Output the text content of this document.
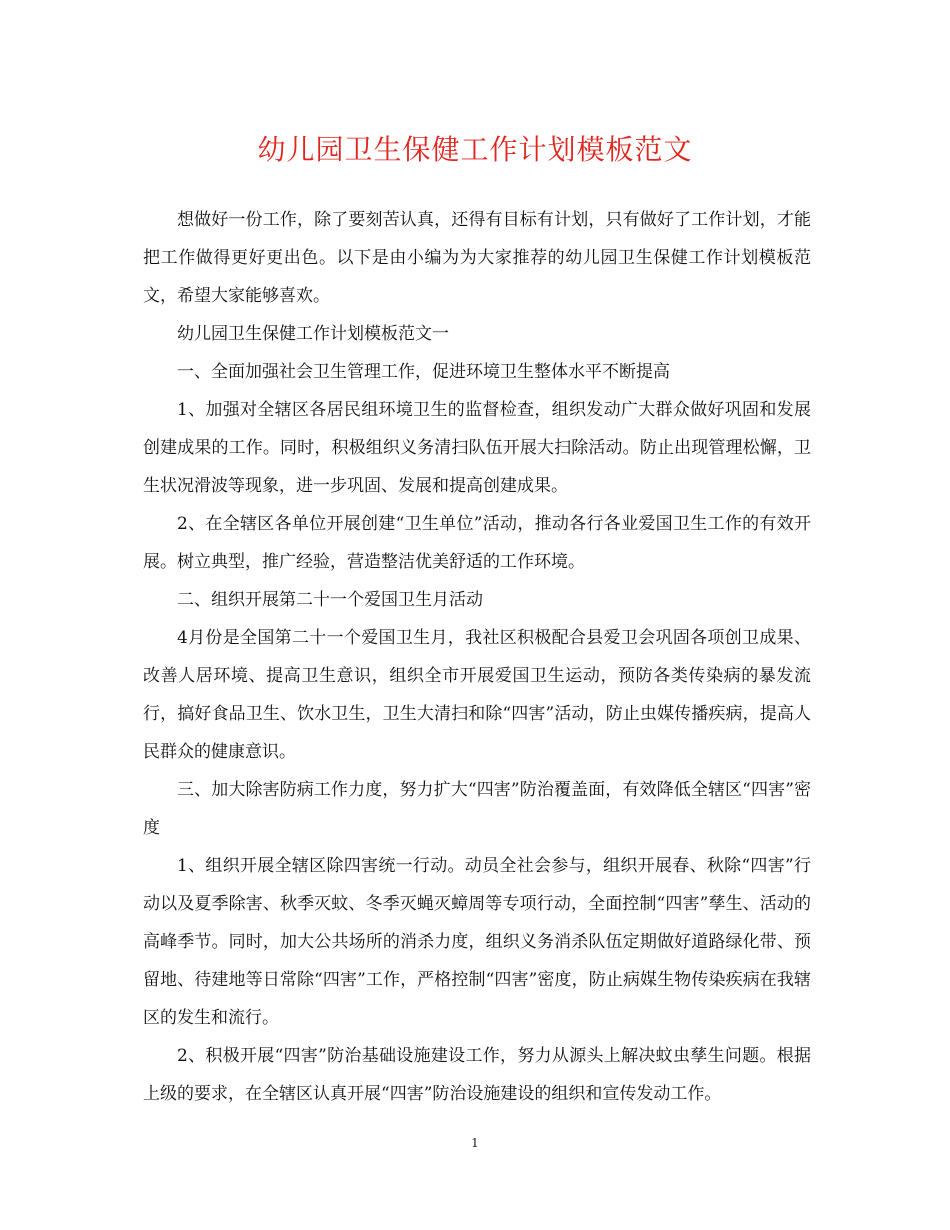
幼儿园卫生保健工作计划模板范文

想做好一份工作，除了要刻苦认真，还得有目标有计划，只有做好了工作计划，才能把工作做得更好更出色。以下是由小编为为大家推荐的幼儿园卫生保健工作计划模板范文，希望大家能够喜欢。

幼儿园卫生保健工作计划模板范文一

一、全面加强社会卫生管理工作，促进环境卫生整体水平不断提高

1、加强对全辖区各居民组环境卫生的监督检查，组织发动广大群众做好巩固和发展创建成果的工作。同时，积极组织义务清扫队伍开展大扫除活动。防止出现管理松懈，卫生状况滑波等现象，进一步巩固、发展和提高创建成果。

2、在全辖区各单位开展创建“卫生单位”活动，推动各行各业爱国卫生工作的有效开展。树立典型，推广经验，营造整洁优美舒适的工作环境。

二、组织开展第二十一个爱国卫生月活动

4月份是全国第二十一个爱国卫生月，我社区积极配合县爱卫会巩固各项创卫成果、改善人居环境、提高卫生意识，组织全市开展爱国卫生运动，预防各类传染病的暴发流行，搞好食品卫生、饮水卫生，卫生大清扫和除“四害”活动，防止虫媒传播疾病，提高人民群众的健康意识。

三、加大除害防病工作力度，努力扩大“四害”防治覆盖面，有效降低全辖区“四害”密度

1、组织开展全辖区除四害统一行动。动员全社会参与，组织开展春、秋除“四害”行动以及夏季除害、秋季灭蚊、冬季灭蝇灭蟑周等专项行动，全面控制“四害”孳生、活动的高峰季节。同时，加大公共场所的消杀力度，组织义务消杀队伍定期做好道路绿化带、预留地、待建地等日常除“四害”工作，严格控制“四害”密度，防止病媒生物传染疾病在我辖区的发生和流行。

2、积极开展“四害”防治基础设施建设工作，努力从源头上解决蚊虫孳生问题。根据上级的要求，在全辖区认真开展“四害”防治设施建设的组织和宣传发动工作。

1
